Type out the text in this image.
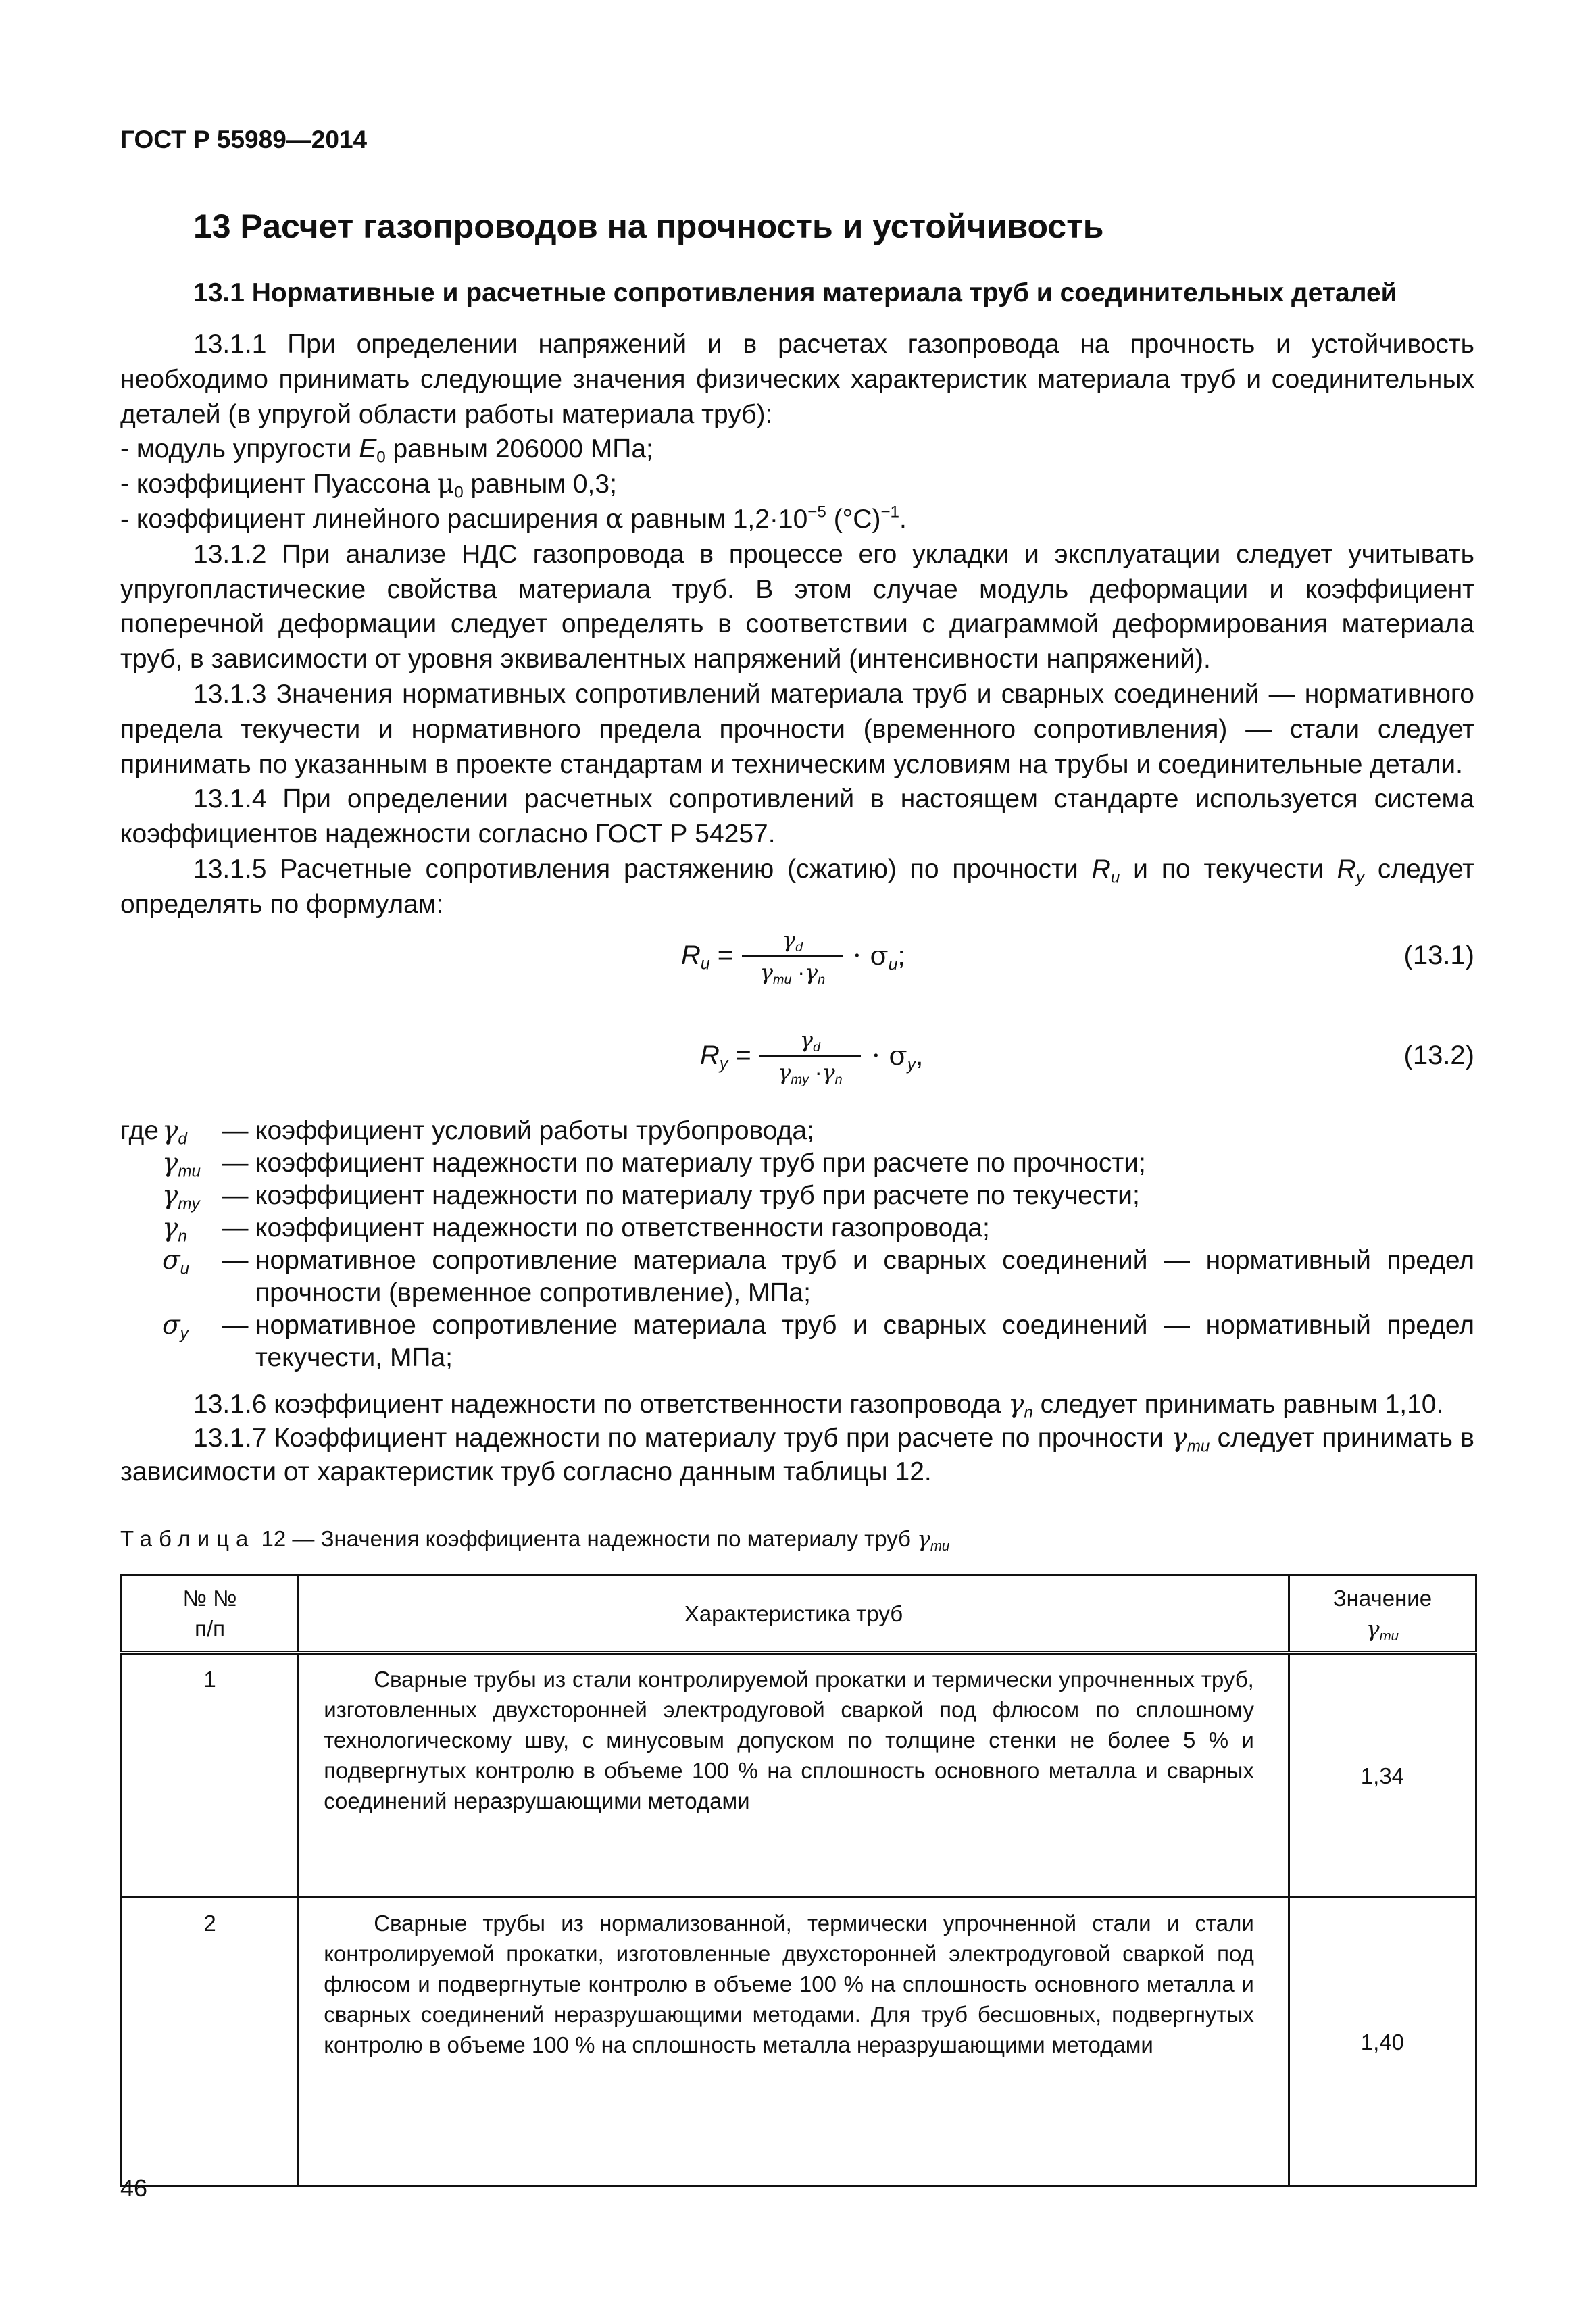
ГОСТ Р 55989—2014
13 Расчет газопроводов на прочность и устойчивость
13.1 Нормативные и расчетные сопротивления материала труб и соединительных деталей

13.1.1 При определении напряжений и в расчетах газопровода на прочность и устойчивость необходимо принимать следующие значения физических характеристик материала труб и соединительных деталей (в упругой области работы материала труб):

- модуль упругости $E_0$ равным 206000 МПа;

- коэффициент Пуассона $\mu_0$ равным 0,3;

- коэффициент линейного расширения α равным $1,2\cdot 10^{-5}$ $(^\circ C)^{-1}$.

13.1.2 При анализе НДС газопровода в процессе его укладки и эксплуатации следует учитывать упругопластические свойства материала труб. В этом случае модуль деформации и коэффициент поперечной деформации следует определять в соответствии с диаграммой деформирования материала труб, в зависимости от уровня эквивалентных напряжений (интенсивности напряжений).

13.1.3 Значения нормативных сопротивлений материала труб и сварных соединений — нормативного предела текучести и нормативного предела прочности (временного сопротивления) — стали следует принимать по указанным в проекте стандартам и техническим условиям на трубы и соединительные детали.

13.1.4 При определении расчетных сопротивлений в настоящем стандарте используется система коэффициентов надежности согласно ГОСТ Р 54257.

13.1.5 Расчетные сопротивления растяжению (сжатию) по прочности $R_u$ и по текучести $R_y$ следует определять по формулам:

$R_u$ =
$\gamma_d$
$\gamma_{mu} \cdot\gamma_n$
· $\sigma_u$;	(13.1)
$R_y$ =
$\gamma_d$
$\gamma_{my} \cdot\gamma_n$
· $\sigma_y$,	(13.2)
где $\gamma_d$	— коэффициент условий работы трубопровода;
$\gamma_{mu}$ — коэффициент надежности по материалу труб при расчете по прочности;
$\gamma_{my}$ — коэффициент надежности по материалу труб при расчете по текучести;
$\gamma_n$	— коэффициент надежности по ответственности газопровода;
$\sigma_u$	— нормативное сопротивление материала труб и сварных соединений — нормативный предел прочности (временное сопротивление), МПа;
$\sigma_y$	— нормативное сопротивление материала труб и сварных соединений — нормативный предел текучести, МПа;

13.1.6 коэффициент надежности по ответственности газопровода $\gamma_n$ следует принимать равным 1,10.

13.1.7 Коэффициент надежности по материалу труб при расчете по прочности $\gamma_{mu}$ следует принимать в зависимости от характеристик труб согласно данным таблицы 12.

Таблица 12 — Значения коэффициента надежности по материалу труб $\gamma_{mu}$
№ №
п/п	Характеристика труб	Значение
$\gamma_{mu}$
1	Сварные трубы из стали контролируемой прокатки и термически упрочненных труб, изготовленных двухсторонней электродуговой сваркой под флюсом по сплошному технологическому шву, с минусовым допуском по толщине стенки не более 5 % и подвергнутых контролю в объеме 100 % на сплошность основного металла и сварных соединений неразрушающими методами	1,34
2	Сварные трубы из нормализованной, термически упрочненной стали и стали контролируемой прокатки, изготовленные двухсторонней электродуговой сваркой под флюсом и подвергнутые контролю в объеме 100 % на сплошность основного металла и сварных соединений неразрушающими методами. Для труб бесшовных, подвергнутых контролю в объеме 100 % на сплошность металла неразрушающими методами	1,40
46
